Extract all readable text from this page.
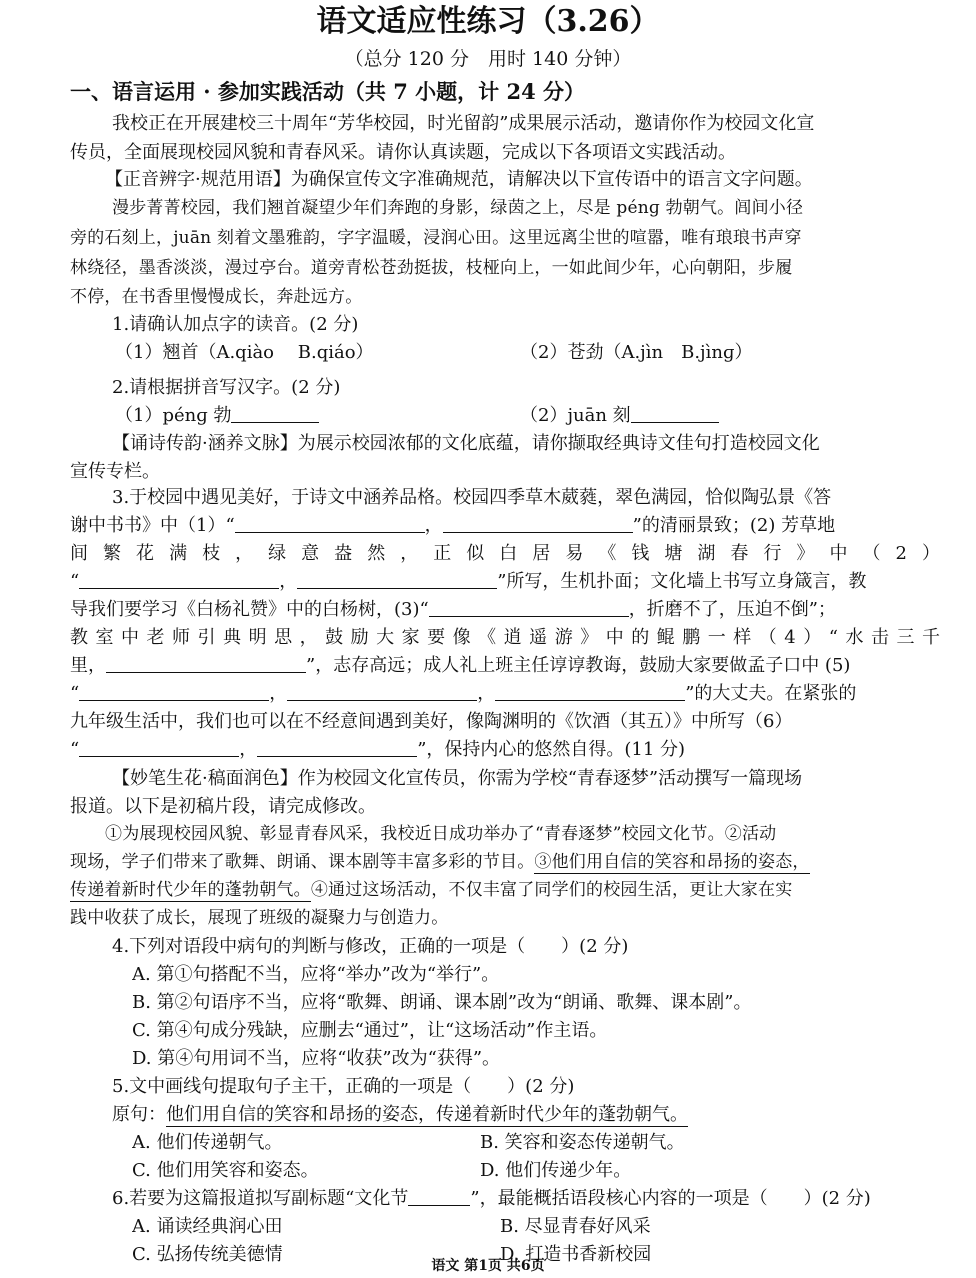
语文适应性练习（3.26）
（总分 120 分　用时 140 分钟）
一、语言运用 · 参加实践活动（共 7 小题，计 24 分）
我校正在开展建校三十周年“芳华校园，时光留韵”成果展示活动，邀请你作为校园文化宣
传员，全面展现校园风貌和青春风采。请你认真读题，完成以下各项语文实践活动。
【正音辨字·规范用语】为确保宣传文字准确规范，请解决以下宣传语中的语言文字问题。
漫步菁菁校园，我们翘首凝望少年们奔跑的身影，绿茵之上，尽是 pénɡ 勃朝气。闾间小径
旁的石刻上，juān 刻着文墨雅韵，字字温暖，浸润心田。这里远离尘世的喧嚣，唯有琅琅书声穿
林绕径，墨香淡淡，漫过亭台。道旁青松苍劲挺拔，枝桠向上，一如此间少年，心向朝阳，步履
不停，在书香里慢慢成长，奔赴远方。
1.请确认加点字的读音。(2 分)
（1）翘首（A.qiào　 B.qiáo）	（2）苍劲（A.jìn　B.jìnɡ）
2.请根据拼音写汉字。(2 分)
（1）pénɡ 勃	（2）juān 刻
【诵诗传韵·涵养文脉】为展示校园浓郁的文化底蕴，请你撷取经典诗文佳句打造校园文化
宣传专栏。
3.于校园中遇见美好，于诗文中涵养品格。校园四季草木葳蕤，翠色满园，恰似陶弘景《答
谢中书书》中（1）“	，	”的清丽景致；(2) 芳草地
间繁花满枝，绿意盎然，正似白居易《钱塘湖春行》中（2）
“	，	”所写，生机扑面；文化墙上书写立身箴言，教
导我们要学习《白杨礼赞》中的白杨树，(3)“	，折磨不了，压迫不倒”；
教室中老师引典明思，鼓励大家要像《逍遥游》中的鲲鹏一样（4）“水击三千
里，	”，志存高远；成人礼上班主任谆谆教诲，鼓励大家要做孟子口中 (5)
“	，	，	”的大丈夫。在紧张的
九年级生活中，我们也可以在不经意间遇到美好，像陶渊明的《饮酒（其五）》中所写（6）
“	，	”，保持内心的悠然自得。(11 分)
【妙笔生花·稿面润色】作为校园文化宣传员，你需为学校“青春逐梦”活动撰写一篇现场
报道。以下是初稿片段，请完成修改。
①为展现校园风貌、彰显青春风采，我校近日成功举办了“青春逐梦”校园文化节。②活动
现场，学子们带来了歌舞、朗诵、课本剧等丰富多彩的节目。③他们用自信的笑容和昂扬的姿态，
传递着新时代少年的蓬勃朝气。④通过这场活动，不仅丰富了同学们的校园生活，更让大家在实
践中收获了成长，展现了班级的凝聚力与创造力。
4.下列对语段中病句的判断与修改，正确的一项是（　　）(2 分)
A. 第①句搭配不当，应将“举办”改为“举行”。
B. 第②句语序不当，应将“歌舞、朗诵、课本剧”改为“朗诵、歌舞、课本剧”。
C. 第④句成分残缺，应删去“通过”，让“这场活动”作主语。
D. 第④句用词不当，应将“收获”改为“获得”。
5.文中画线句提取句子主干，正确的一项是（　　）(2 分)
原句：他们用自信的笑容和昂扬的姿态，传递着新时代少年的蓬勃朝气。
A. 他们传递朝气。	B. 笑容和姿态传递朝气。
C. 他们用笑容和姿态。	D. 他们传递少年。
6.若要为这篇报道拟写副标题“文化节	”，最能概括语段核心内容的一项是（　　）(2 分)
A. 诵读经典润心田	B. 尽显青春好风采
C. 弘扬传统美德情	D. 打造书香新校园
语文 第1页 共6页
